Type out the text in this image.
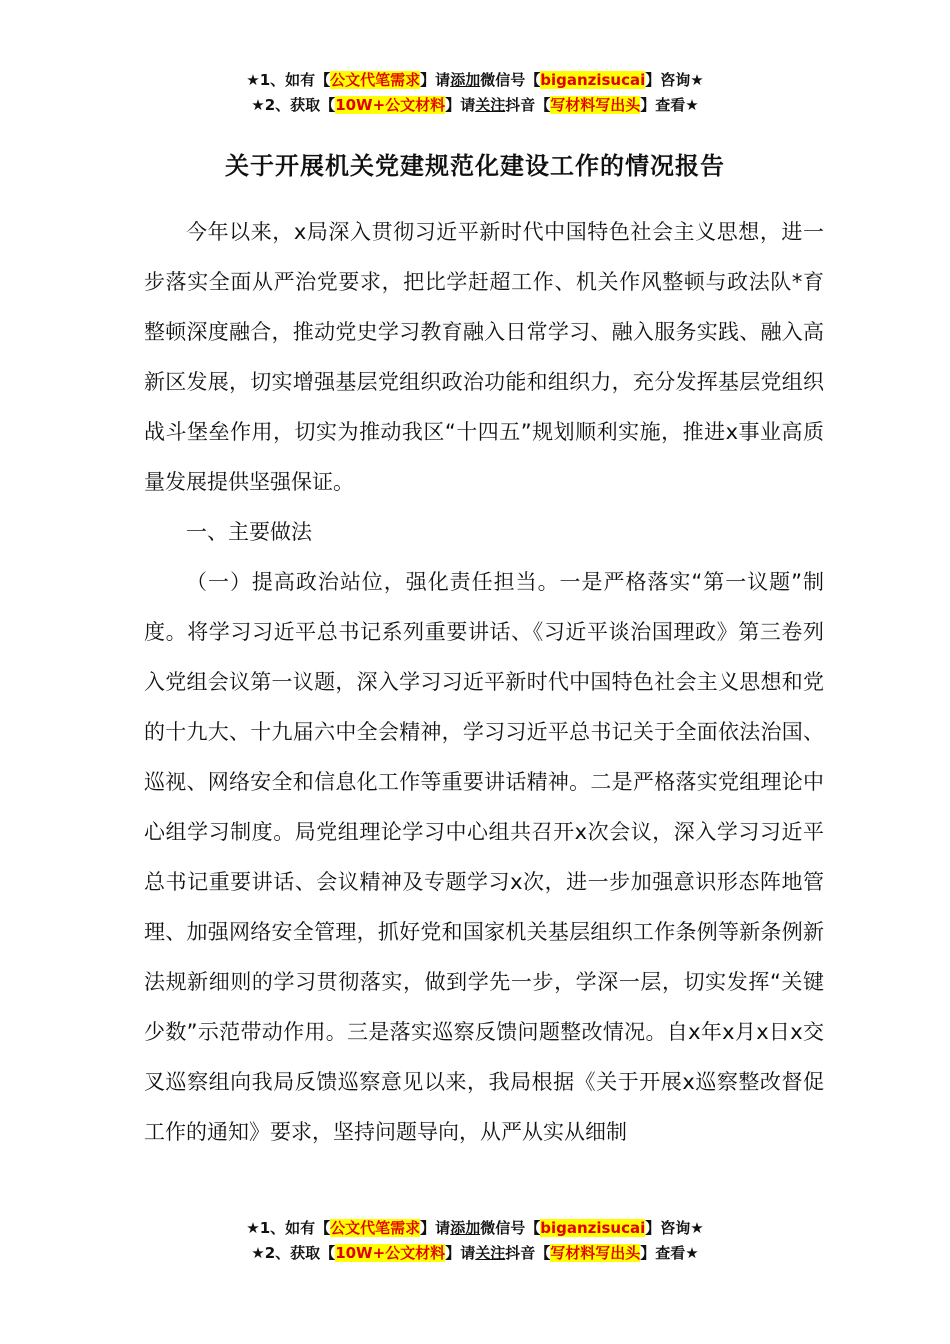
★1、如有【公文代笔需求】请添加微信号【biganzisucai】咨询★
★2、获取【10W+公文材料】请关注抖音【写材料写出头】查看★
关于开展机关党建规范化建设工作的情况报告

今年以来，x局深入贯彻习近平新时代中国特色社会主义思想，进一步落实全面从严治党要求，把比学赶超工作、机关作风整顿与政法队*育整顿深度融合，推动党史学习教育融入日常学习、融入服务实践、融入高新区发展，切实增强基层党组织政治功能和组织力，充分发挥基层党组织战斗堡垒作用，切实为推动我区“十四五”规划顺利实施，推进x事业高质量发展提供坚强保证。

一、主要做法

（一）提高政治站位，强化责任担当。一是严格落实“第一议题”制度。将学习习近平总书记系列重要讲话、《习近平谈治国理政》第三卷列入党组会议第一议题，深入学习习近平新时代中国特色社会主义思想和党的十九大、十九届六中全会精神，学习习近平总书记关于全面依法治国、巡视、网络安全和信息化工作等重要讲话精神。二是严格落实党组理论中心组学习制度。局党组理论学习中心组共召开x次会议，深入学习习近平总书记重要讲话、会议精神及专题学习x次，进一步加强意识形态阵地管理、加强网络安全管理，抓好党和国家机关基层组织工作条例等新条例新法规新细则的学习贯彻落实，做到学先一步，学深一层，切实发挥“关键少数”示范带动作用。三是落实巡察反馈问题整改情况。自x年x月x日x交叉巡察组向我局反馈巡察意见以来，我局根据《关于开展x巡察整改督促工作的通知》要求，坚持问题导向，从严从实从细制

★1、如有【公文代笔需求】请添加微信号【biganzisucai】咨询★
★2、获取【10W+公文材料】请关注抖音【写材料写出头】查看★
